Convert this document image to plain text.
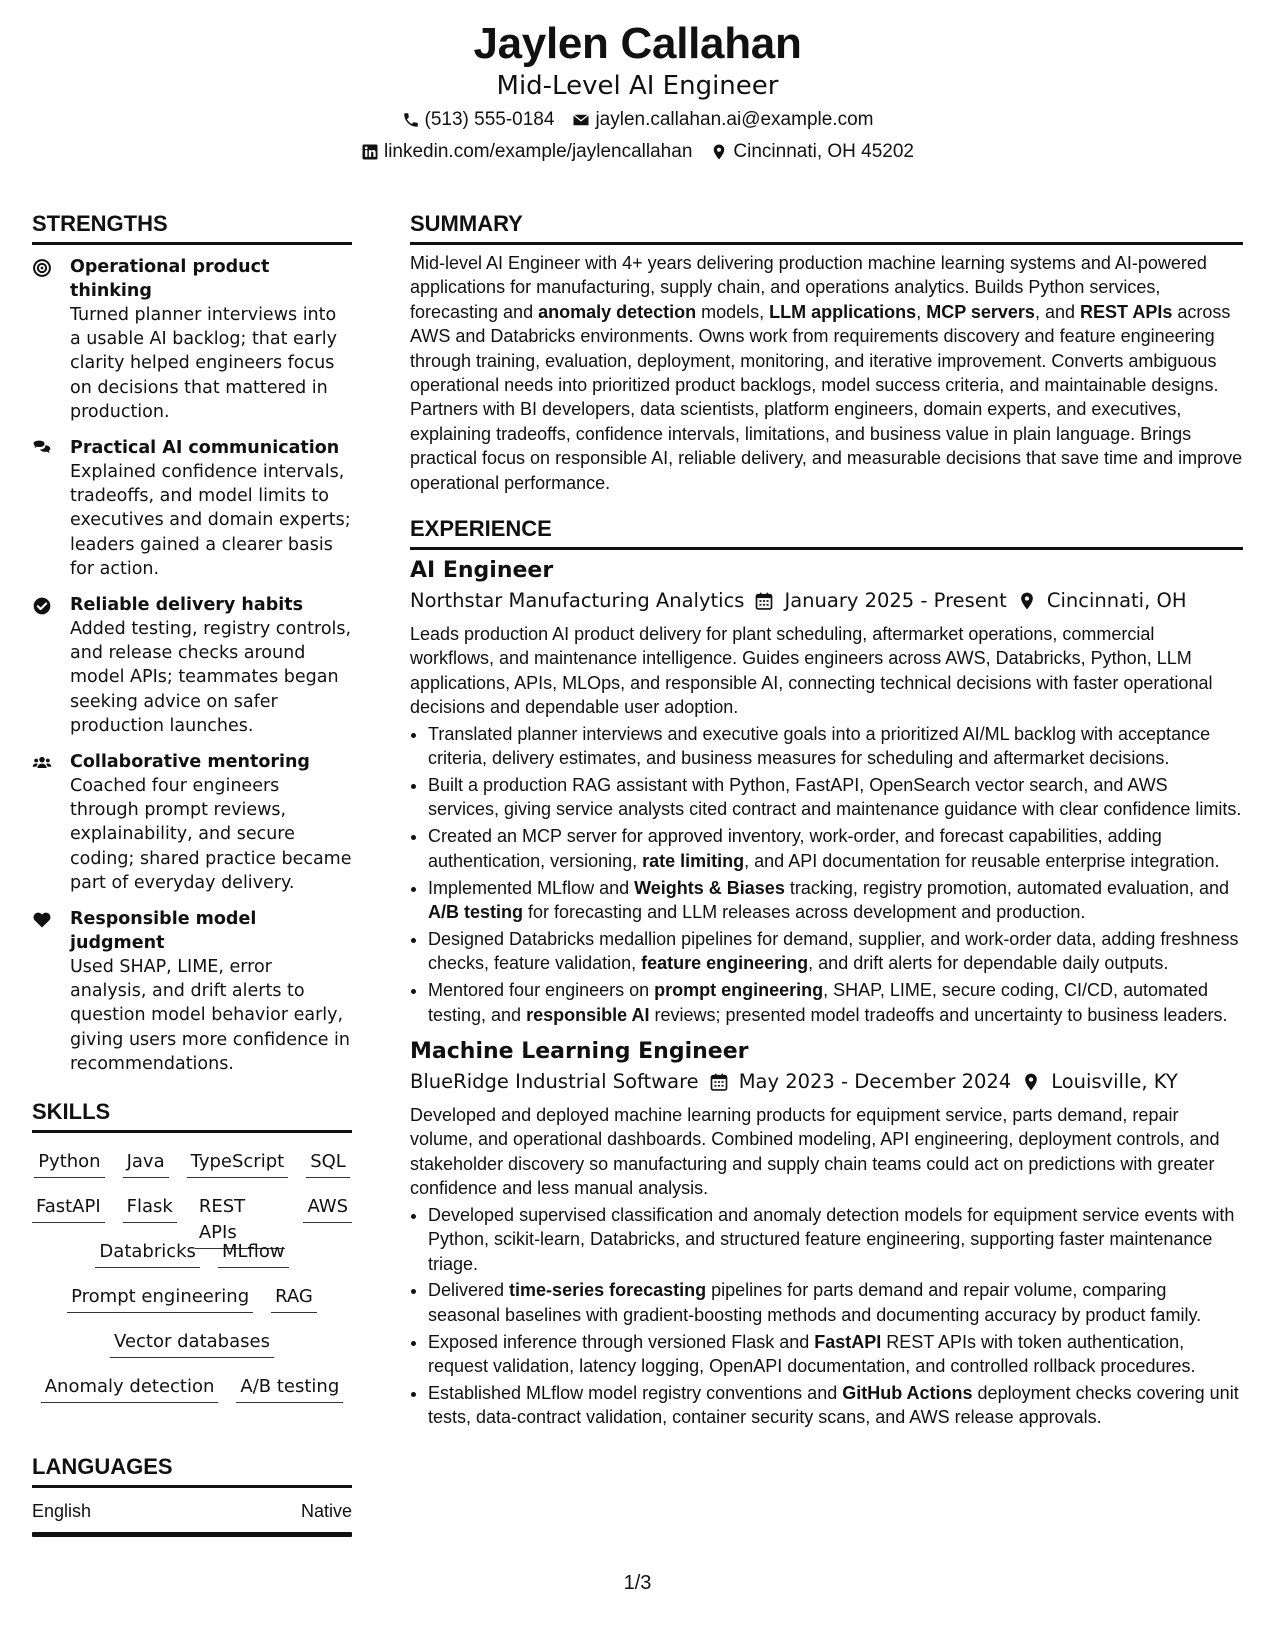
Jaylen Callahan
Mid-Level AI Engineer
(513) 555-0184 jaylen.callahan.ai@example.com
linkedin.com/example/jaylencallahan Cincinnati, OH 45202
STRENGTHS
Operational product thinking
Turned planner interviews into a usable AI backlog; that early clarity helped engineers focus on decisions that mattered in production.
Practical AI communication
Explained confidence intervals, tradeoffs, and model limits to executives and domain experts; leaders gained a clearer basis for action.
Reliable delivery habits
Added testing, registry controls, and release checks around model APIs; teammates began seeking advice on safer production launches.
Collaborative mentoring
Coached four engineers through prompt reviews, explainability, and secure coding; shared practice became part of everyday delivery.
Responsible model judgment
Used SHAP, LIME, error analysis, and drift alerts to question model behavior early, giving users more confidence in recommendations.
SKILLS
Python Java TypeScript SQL
FastAPI Flask REST APIs
AWS
Databricks MLflow
Prompt engineering RAG
Vector databases
Anomaly detection A/B testing
LANGUAGES
English	Native
SUMMARY
Mid-level AI Engineer with 4+ years delivering production machine learning systems and AI-powered applications for manufacturing, supply chain, and operations analytics. Builds Python services, forecasting and anomaly detection models, LLM applications, MCP servers, and REST APIs across AWS and Databricks environments. Owns work from requirements discovery and feature engineering through training, evaluation, deployment, monitoring, and iterative improvement. Converts ambiguous operational needs into prioritized product backlogs, model success criteria, and maintainable designs. Partners with BI developers, data scientists, platform engineers, domain experts, and executives, explaining tradeoffs, confidence intervals, limitations, and business value in plain language. Brings practical focus on responsible AI, reliable delivery, and measurable decisions that save time and improve operational performance.
EXPERIENCE
AI Engineer
Northstar Manufacturing Analytics January 2025 - Present Cincinnati, OH
Leads production AI product delivery for plant scheduling, aftermarket operations, commercial workflows, and maintenance intelligence. Guides engineers across AWS, Databricks, Python, LLM applications, APIs, MLOps, and responsible AI, connecting technical decisions with faster operational decisions and dependable user adoption.
• Translated planner interviews and executive goals into a prioritized AI/ML backlog with acceptance criteria, delivery estimates, and business measures for scheduling and aftermarket decisions.
• Built a production RAG assistant with Python, FastAPI, OpenSearch vector search, and AWS services, giving service analysts cited contract and maintenance guidance with clear confidence limits.
• Created an MCP server for approved inventory, work-order, and forecast capabilities, adding authentication, versioning, rate limiting, and API documentation for reusable enterprise integration.
• Implemented MLflow and Weights & Biases tracking, registry promotion, automated evaluation, and A/B testing for forecasting and LLM releases across development and production.
• Designed Databricks medallion pipelines for demand, supplier, and work-order data, adding freshness checks, feature validation, feature engineering, and drift alerts for dependable daily outputs.
• Mentored four engineers on prompt engineering, SHAP, LIME, secure coding, CI/CD, automated testing, and responsible AI reviews; presented model tradeoffs and uncertainty to business leaders.
Machine Learning Engineer
BlueRidge Industrial Software May 2023 - December 2024 Louisville, KY
Developed and deployed machine learning products for equipment service, parts demand, repair volume, and operational dashboards. Combined modeling, API engineering, deployment controls, and stakeholder discovery so manufacturing and supply chain teams could act on predictions with greater confidence and less manual analysis.
• Developed supervised classification and anomaly detection models for equipment service events with Python, scikit-learn, Databricks, and structured feature engineering, supporting faster maintenance triage.
• Delivered time-series forecasting pipelines for parts demand and repair volume, comparing seasonal baselines with gradient-boosting methods and documenting accuracy by product family.
• Exposed inference through versioned Flask and FastAPI REST APIs with token authentication, request validation, latency logging, OpenAPI documentation, and controlled rollback procedures.
• Established MLflow model registry conventions and GitHub Actions deployment checks covering unit tests, data-contract validation, container security scans, and AWS release approvals.
1/3
